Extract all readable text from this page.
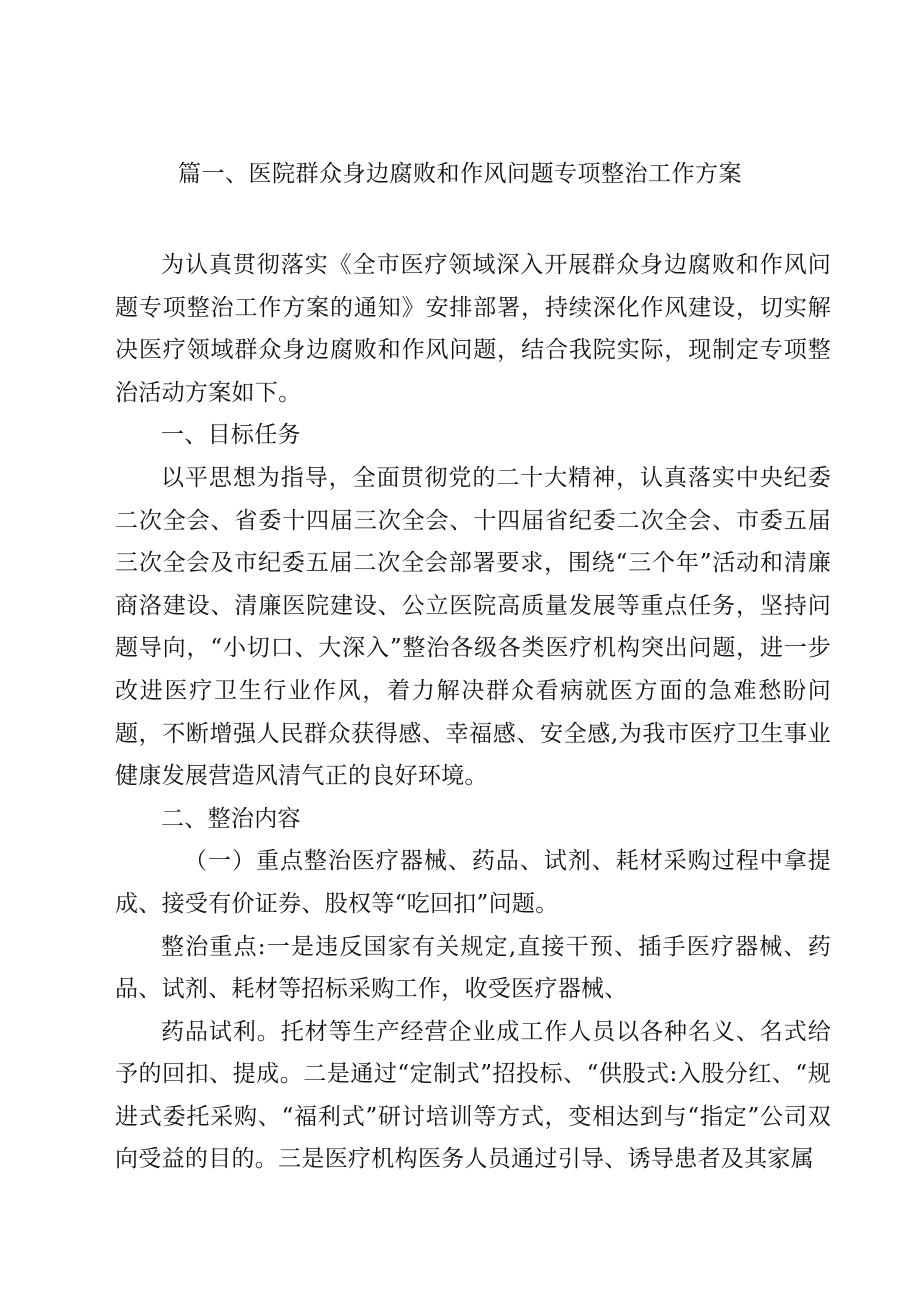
篇一、医院群众身边腐败和作风问题专项整治工作方案

为认真贯彻落实《全市医疗领域深入开展群众身边腐败和作风问题专项整治工作方案的通知》安排部署，持续深化作风建设，切实解决医疗领域群众身边腐败和作风问题，结合我院实际，现制定专项整治活动方案如下。

一、目标任务

以平思想为指导，全面贯彻党的二十大精神，认真落实中央纪委二次全会、省委十四届三次全会、十四届省纪委二次全会、市委五届三次全会及市纪委五届二次全会部署要求，围绕“三个年”活动和清廉商洛建设、清廉医院建设、公立医院高质量发展等重点任务，坚持问题导向，“小切口、大深入”整治各级各类医疗机构突出问题，进一步改进医疗卫生行业作风，着力解决群众看病就医方面的急难愁盼问题，不断增强人民群众获得感、幸福感、安全感,为我市医疗卫生事业健康发展营造风清气正的良好环境。

二、整治内容

（一）重点整治医疗器械、药品、试剂、耗材采购过程中拿提成、接受有价证券、股权等“吃回扣”问题。

整治重点:一是违反国家有关规定,直接干预、插手医疗器械、药品、试剂、耗材等招标采购工作，收受医疗器械、

药品试利。托材等生产经营企业成工作人员以各种名义、名式给予的回扣、提成。二是通过“定制式”招投标、“供股式:入股分红、“规进式委托采购、“福利式”研讨培训等方式，变相达到与“指定”公司双向受益的目的。三是医疗机构医务人员通过引导、诱导患者及其家属
